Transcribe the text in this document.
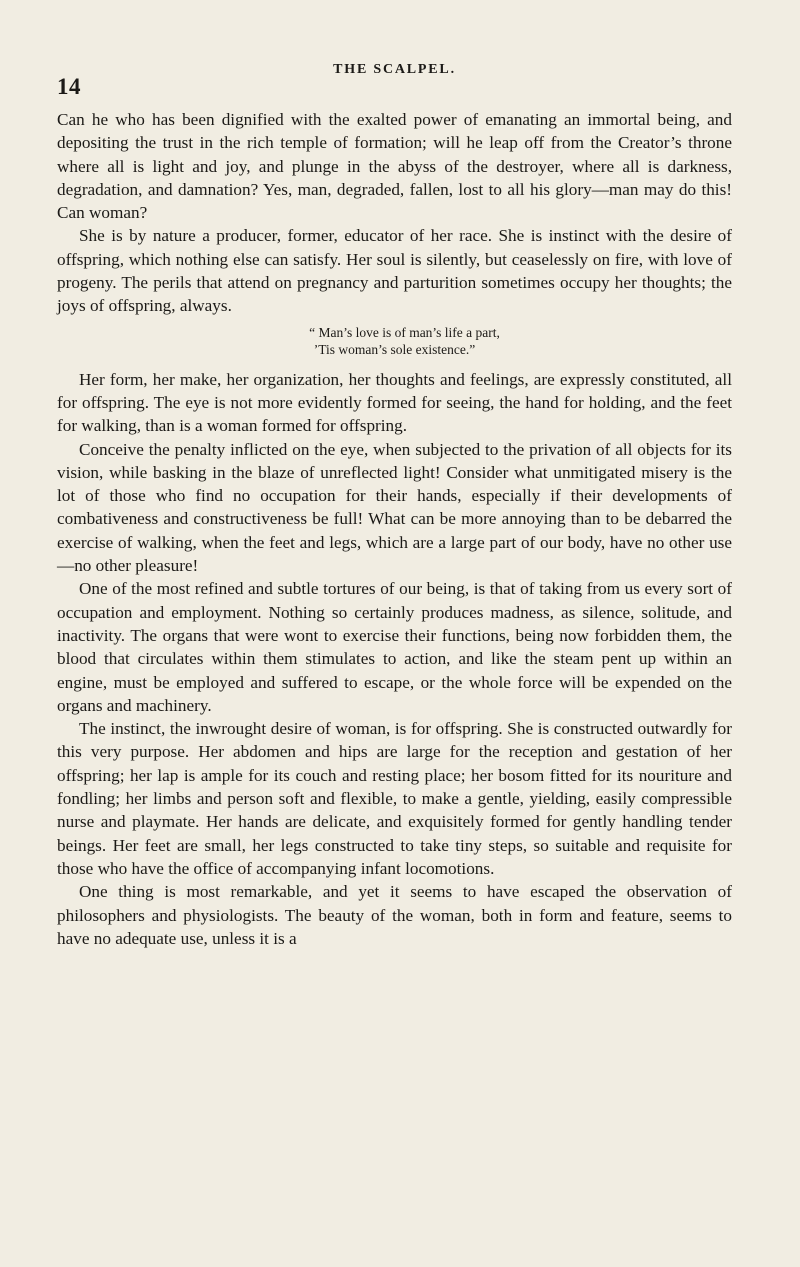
14
THE SCALPEL.

Can he who has been dignified with the exalted power of emanating an immortal being, and depositing the trust in the rich temple of formation; will he leap off from the Creator’s throne where all is light and joy, and plunge in the abyss of the destroyer, where all is darkness, degradation, and damnation? Yes, man, degraded, fallen, lost to all his glory—man may do this! Can woman?

She is by nature a producer, former, educator of her race. She is instinct with the desire of offspring, which nothing else can satisfy. Her soul is silently, but ceaselessly on fire, with love of progeny. The perils that attend on pregnancy and parturition sometimes occupy her thoughts; the joys of offspring, always.

“ Man’s love is of man’s life a part,
’Tis woman’s sole existence.”

Her form, her make, her organization, her thoughts and feelings, are expressly constituted, all for offspring. The eye is not more evidently formed for seeing, the hand for holding, and the feet for walking, than is a woman formed for offspring.

Conceive the penalty inflicted on the eye, when subjected to the privation of all objects for its vision, while basking in the blaze of unreflected light! Consider what unmitigated misery is the lot of those who find no occupation for their hands, especially if their developments of combativeness and constructiveness be full! What can be more annoying than to be debarred the exercise of walking, when the feet and legs, which are a large part of our body, have no other use—no other pleasure!

One of the most refined and subtle tortures of our being, is that of taking from us every sort of occupation and employment. Nothing so certainly produces madness, as silence, solitude, and inactivity. The organs that were wont to exercise their functions, being now forbidden them, the blood that circulates within them stimulates to action, and like the steam pent up within an engine, must be employed and suffered to escape, or the whole force will be expended on the organs and machinery.

The instinct, the inwrought desire of woman, is for offspring. She is constructed outwardly for this very purpose. Her abdomen and hips are large for the reception and gestation of her offspring; her lap is ample for its couch and resting place; her bosom fitted for its nouriture and fondling; her limbs and person soft and flexible, to make a gentle, yielding, easily compressible nurse and playmate. Her hands are delicate, and exquisitely formed for gently handling tender beings. Her feet are small, her legs constructed to take tiny steps, so suitable and requisite for those who have the office of accompanying infant locomotions.

One thing is most remarkable, and yet it seems to have escaped the observation of philosophers and physiologists. The beauty of the woman, both in form and feature, seems to have no adequate use, unless it is a
